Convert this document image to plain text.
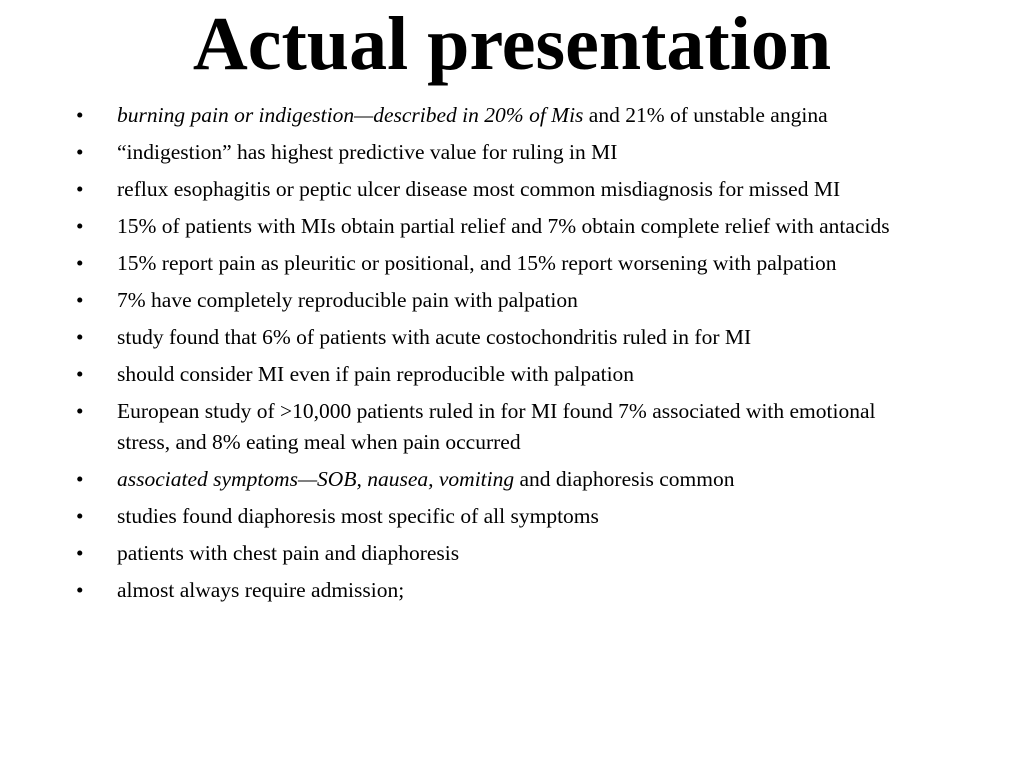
Actual presentation
• burning pain or indigestion—described in 20% of Mis and 21% of unstable angina
• “indigestion” has highest predictive value for ruling in MI
• reflux esophagitis or peptic ulcer disease most common misdiagnosis for missed MI
• 15% of patients with MIs obtain partial relief and 7% obtain complete relief with antacids
• 15% report pain as pleuritic or positional, and 15% report worsening with palpation
• 7% have completely reproducible pain with palpation
• study found that 6% of patients with acute costochondritis ruled in for MI
• should consider MI even if pain reproducible with palpation
• European study of >10,000 patients ruled in for MI found 7% associated with emotional stress, and 8% eating meal when pain occurred
• associated symptoms—SOB, nausea, vomiting and diaphoresis common
• studies found diaphoresis most specific of all symptoms
• patients with chest pain and diaphoresis
• almost always require admission;
